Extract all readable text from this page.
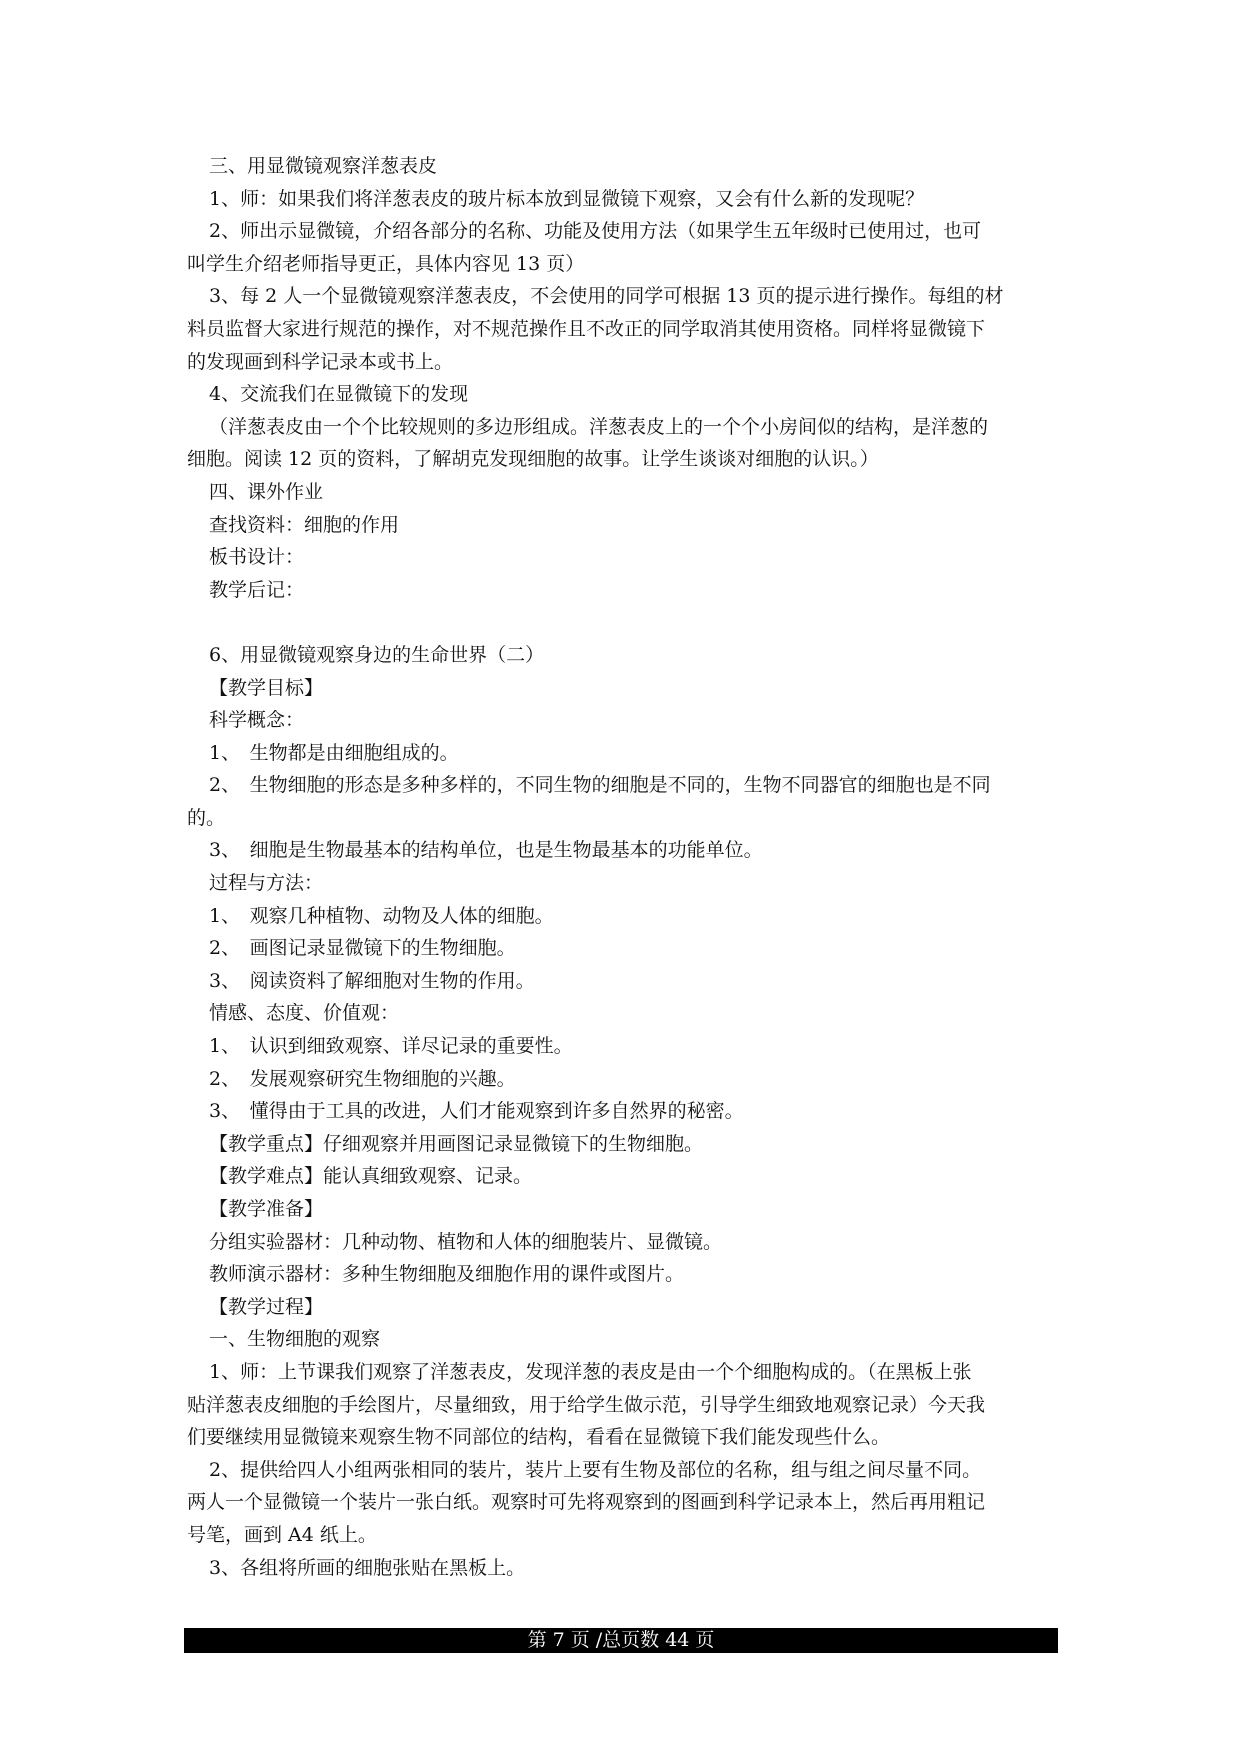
三、用显微镜观察洋葱表皮
1、师：如果我们将洋葱表皮的玻片标本放到显微镜下观察，又会有什么新的发现呢？
2、师出示显微镜，介绍各部分的名称、功能及使用方法（如果学生五年级时已使用过，也可
叫学生介绍老师指导更正，具体内容见 13 页）
3、每 2 人一个显微镜观察洋葱表皮，不会使用的同学可根据 13 页的提示进行操作。每组的材
料员监督大家进行规范的操作，对不规范操作且不改正的同学取消其使用资格。同样将显微镜下
的发现画到科学记录本或书上。
4、交流我们在显微镜下的发现
（洋葱表皮由一个个比较规则的多边形组成。洋葱表皮上的一个个小房间似的结构，是洋葱的
细胞。阅读 12 页的资料，了解胡克发现细胞的故事。让学生谈谈对细胞的认识。）
四、课外作业
查找资料：细胞的作用
板书设计：
教学后记：
6、用显微镜观察身边的生命世界（二）
【教学目标】
科学概念：
1、　生物都是由细胞组成的。
2、　生物细胞的形态是多种多样的，不同生物的细胞是不同的，生物不同器官的细胞也是不同
的。
3、　细胞是生物最基本的结构单位，也是生物最基本的功能单位。
过程与方法：
1、　观察几种植物、动物及人体的细胞。
2、　画图记录显微镜下的生物细胞。
3、　阅读资料了解细胞对生物的作用。
情感、态度、价值观：
1、　认识到细致观察、详尽记录的重要性。
2、　发展观察研究生物细胞的兴趣。
3、　懂得由于工具的改进，人们才能观察到许多自然界的秘密。
【教学重点】仔细观察并用画图记录显微镜下的生物细胞。
【教学难点】能认真细致观察、记录。
【教学准备】
分组实验器材：几种动物、植物和人体的细胞装片、显微镜。
教师演示器材：多种生物细胞及细胞作用的课件或图片。
【教学过程】
一、生物细胞的观察
1、师：上节课我们观察了洋葱表皮，发现洋葱的表皮是由一个个细胞构成的。（在黑板上张
贴洋葱表皮细胞的手绘图片，尽量细致，用于给学生做示范，引导学生细致地观察记录）今天我
们要继续用显微镜来观察生物不同部位的结构，看看在显微镜下我们能发现些什么。
2、提供给四人小组两张相同的装片，装片上要有生物及部位的名称，组与组之间尽量不同。
两人一个显微镜一个装片一张白纸。观察时可先将观察到的图画到科学记录本上，然后再用粗记
号笔，画到 A4 纸上。
3、各组将所画的细胞张贴在黑板上。
第 7 页 /总页数 44 页
